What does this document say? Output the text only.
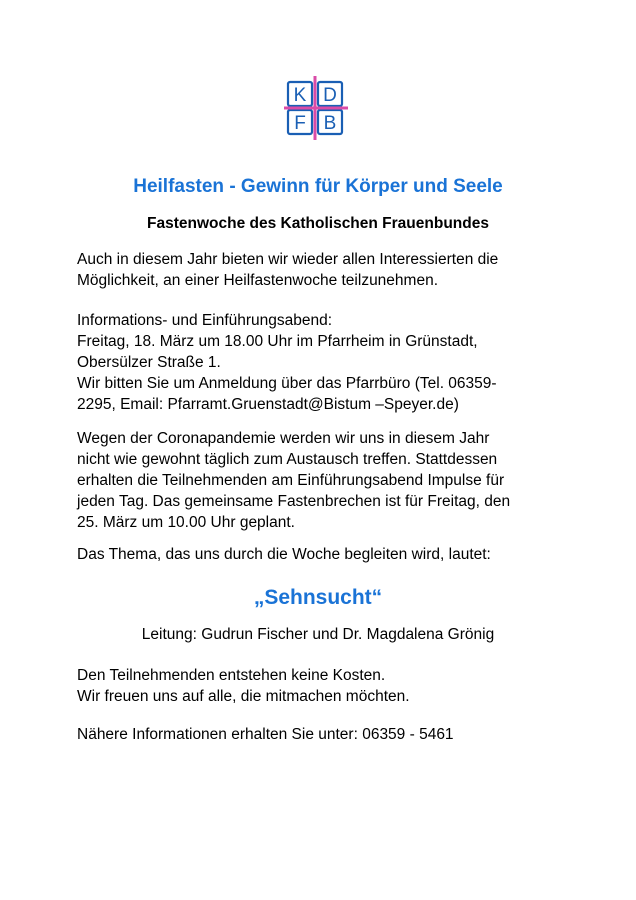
K D
F B
Heilfasten - Gewinn für Körper und Seele
Fastenwoche des Katholischen Frauenbundes

Auch in diesem Jahr bieten wir wieder allen Interessierten die
Möglichkeit, an einer Heilfastenwoche teilzunehmen.

Informations- und Einführungsabend:
Freitag, 18. März um 18.00 Uhr im Pfarrheim in Grünstadt,
Obersülzer Straße 1.
Wir bitten Sie um Anmeldung über das Pfarrbüro (Tel. 06359-
2295, Email: Pfarramt.Gruenstadt@Bistum –Speyer.de)

Wegen der Coronapandemie werden wir uns in diesem Jahr
nicht wie gewohnt täglich zum Austausch treffen. Stattdessen
erhalten die Teilnehmenden am Einführungsabend Impulse für
jeden Tag. Das gemeinsame Fastenbrechen ist für Freitag, den
25. März um 10.00 Uhr geplant.

Das Thema, das uns durch die Woche begleiten wird, lautet:

„Sehnsucht“

Leitung: Gudrun Fischer und Dr. Magdalena Grönig

Den Teilnehmenden entstehen keine Kosten.
Wir freuen uns auf alle, die mitmachen möchten.

Nähere Informationen erhalten Sie unter: 06359 - 5461
